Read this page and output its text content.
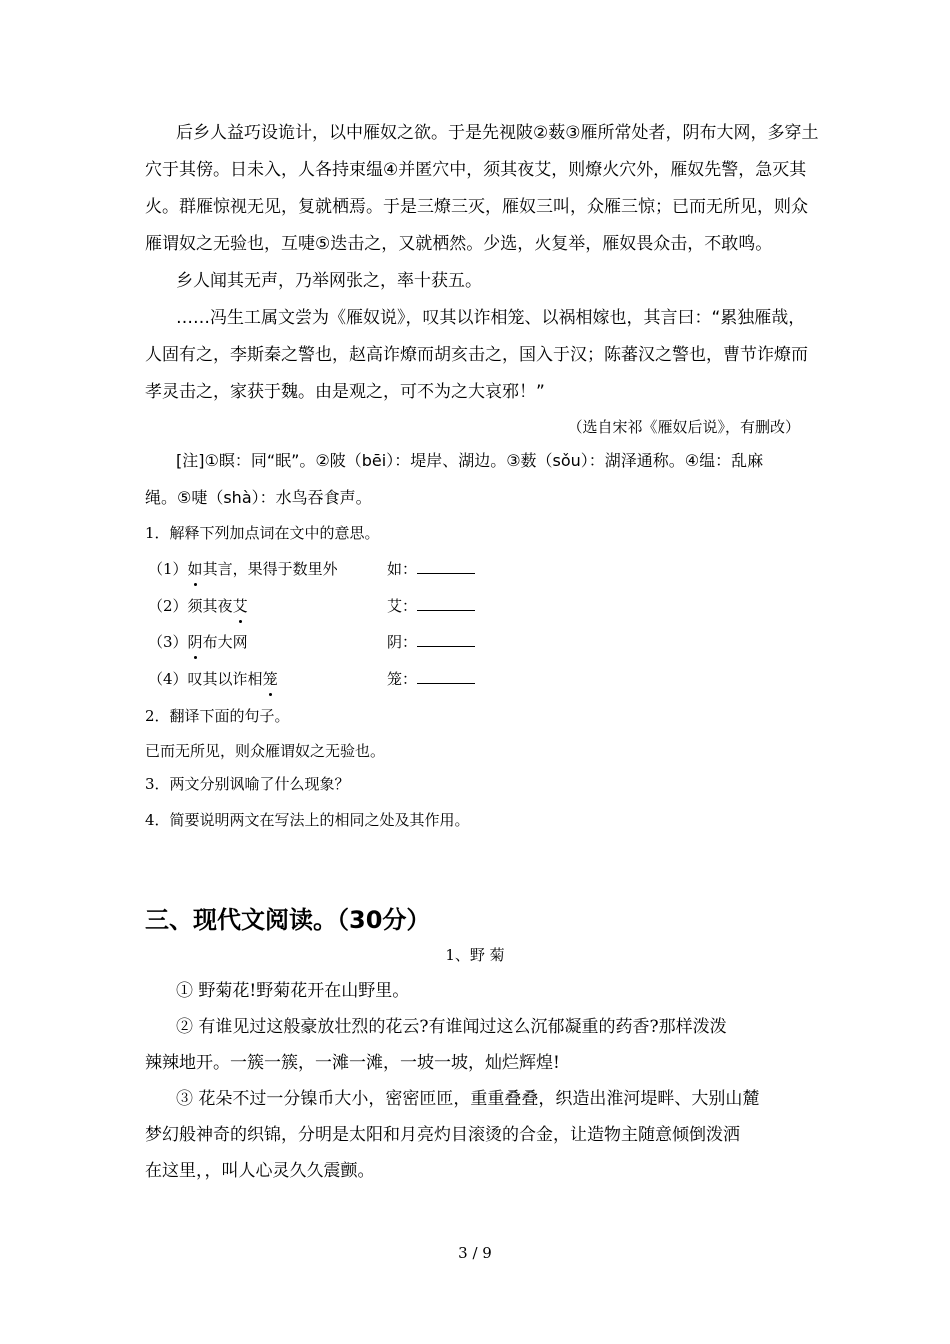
后乡人益巧设诡计，以中雁奴之欲。于是先视陂②薮③雁所常处者，阴布大网，多穿土
穴于其傍。日未入，人各持束缊④并匿穴中，须其夜艾，则燎火穴外，雁奴先警，急灭其
火。群雁惊视无见，复就栖焉。于是三燎三灭，雁奴三叫，众雁三惊；已而无所见，则众
雁谓奴之无验也，互啑⑤迭击之，又就栖然。少选，火复举，雁奴畏众击，不敢鸣。
乡人闻其无声，乃举网张之，率十获五。
……冯生工属文尝为《雁奴说》，叹其以诈相笼、以祸相嫁也，其言曰：“累独雁哉，
人固有之，李斯秦之警也，赵高诈燎而胡亥击之，国入于汉；陈蕃汉之警也，曹节诈燎而
孝灵击之，家获于魏。由是观之，可不为之大哀邪！”
（选自宋祁《雁奴后说》，有删改）
[注]①瞑：同“眠”。②陂（bēi）：堤岸、湖边。③薮（sǒu）：湖泽通称。④缊：乱麻
绳。⑤啑（shà）：水鸟吞食声。
1．解释下列加点词在文中的意思。
（1）如其言，果得于数里外	如：
（2）须其夜艾	艾：
（3）阴布大网	阴：
（4）叹其以诈相笼	笼：
2．翻译下面的句子。
已而无所见，则众雁谓奴之无验也。
3．两文分别讽喻了什么现象？
4．简要说明两文在写法上的相同之处及其作用。
三、现代文阅读。（30分）
1、野 菊
① 野菊花!野菊花开在山野里。
② 有谁见过这般豪放壮烈的花云?有谁闻过这么沉郁凝重的药香?那样泼泼
辣辣地开。一簇一簇，一滩一滩，一坡一坡，灿烂辉煌!
③ 花朵不过一分镍币大小，密密匝匝，重重叠叠，织造出淮河堤畔、大别山麓
梦幻般神奇的织锦，分明是太阳和月亮灼目滚烫的合金，让造物主随意倾倒泼洒
在这里，，叫人心灵久久震颤。
3 / 9
